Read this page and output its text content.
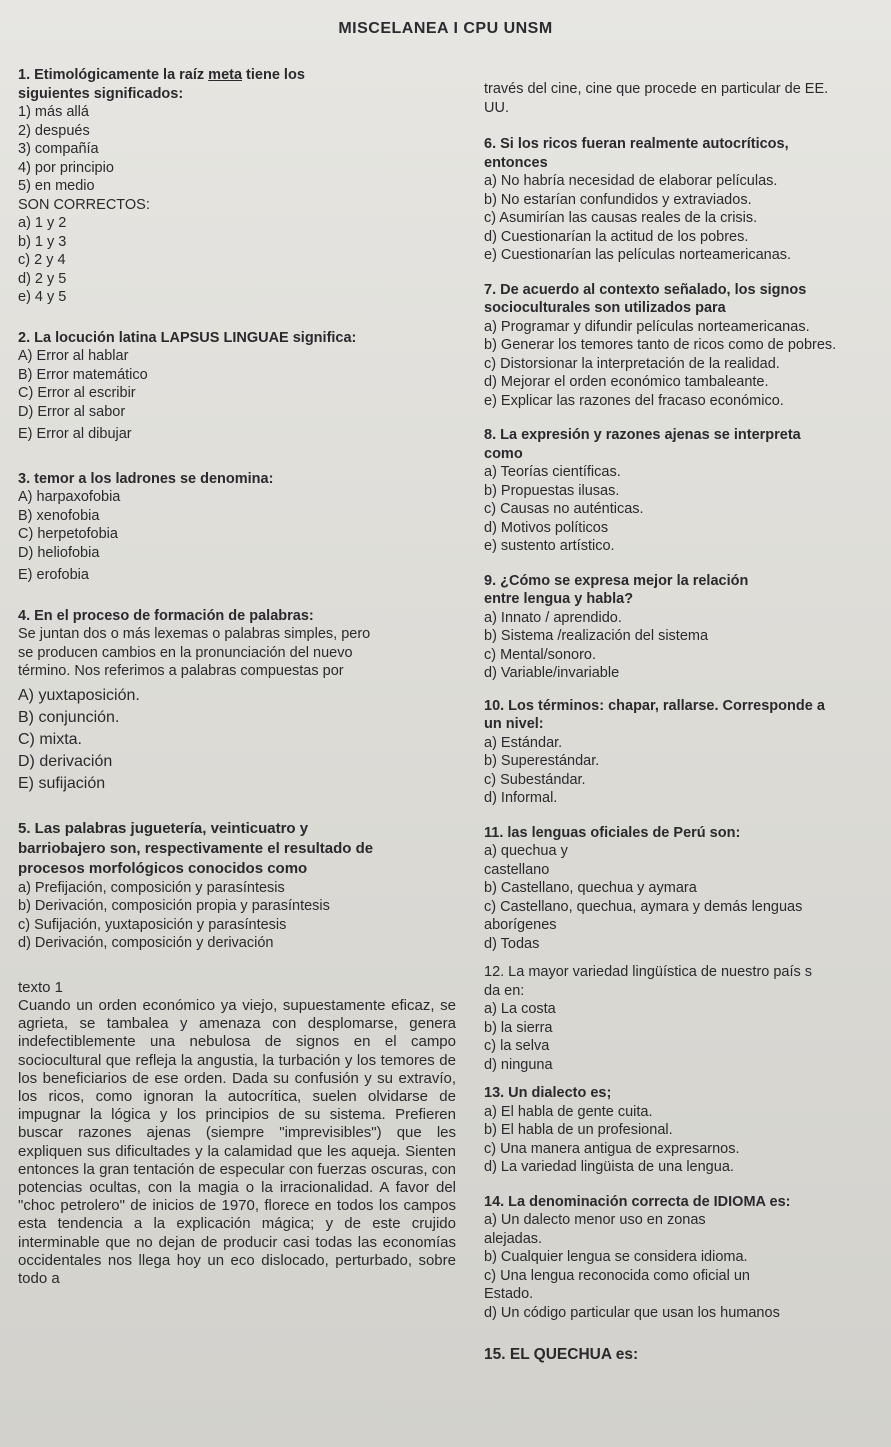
MISCELANEA I CPU UNSM
1. Etimológicamente la raíz meta tiene los
siguientes significados:
1) más allá
2) después
3) compañía
4) por principio
5) en medio
SON CORRECTOS:
a) 1 y 2
b) 1 y 3
c) 2 y 4
d) 2 y 5
e) 4 y 5
2. La locución latina LAPSUS LINGUAE significa:
A) Error al hablar
B) Error matemático
C) Error al escribir
D) Error al sabor
E) Error al dibujar
3. temor a los ladrones se denomina:
A) harpaxofobia
B) xenofobia
C) herpetofobia
D) heliofobia
E) erofobia
4. En el proceso de formación de palabras:
Se juntan dos o más lexemas o palabras simples, pero
se producen cambios en la pronunciación del nuevo
término. Nos referimos a palabras compuestas por
A) yuxtaposición.
B) conjunción.
C) mixta.
D) derivación
E) sufijación
5. Las palabras juguetería, veinticuatro y
barriobajero son, respectivamente el resultado de
procesos morfológicos conocidos como
a) Prefijación, composición y parasíntesis
b) Derivación, composición propia y parasíntesis
c) Sufijación, yuxtaposición y parasíntesis
d) Derivación, composición y derivación
texto 1
Cuando un orden económico ya viejo, supuestamente eficaz, se agrieta, se tambalea y amenaza con desplomarse, genera indefectiblemente una nebulosa de signos en el campo sociocultural que refleja la angustia, la turbación y los temores de los beneficiarios de ese orden. Dada su confusión y su extravío, los ricos, como ignoran la autocrítica, suelen olvidarse de impugnar la lógica y los principios de su sistema. Prefieren buscar razones ajenas (siempre "imprevisibles") que les expliquen sus dificultades y la calamidad que les aqueja. Sienten entonces la gran tentación de especular con fuerzas oscuras, con potencias ocultas, con la magia o la irracionalidad. A favor del "choc petrolero" de inicios de 1970, florece en todos los campos esta tendencia a la explicación mágica; y de este crujido interminable que no dejan de producir casi todas las economías occidentales nos llega hoy un eco dislocado, perturbado, sobre todo a
través del cine, cine que procede en particular de EE.
UU.
6. Si los ricos fueran realmente autocríticos,
entonces
a) No habría necesidad de elaborar películas.
b) No estarían confundidos y extraviados.
c) Asumirían las causas reales de la crisis.
d) Cuestionarían la actitud de los pobres.
e) Cuestionarían las películas norteamericanas.
7. De acuerdo al contexto señalado, los signos
socioculturales son utilizados para
a) Programar y difundir películas norteamericanas.
b) Generar los temores tanto de ricos como de pobres.
c) Distorsionar la interpretación de la realidad.
d) Mejorar el orden económico tambaleante.
e) Explicar las razones del fracaso económico.
8. La expresión y razones ajenas se interpreta
como
a) Teorías científicas.
b) Propuestas ilusas.
c) Causas no auténticas.
d) Motivos políticos
e) sustento artístico.
9. ¿Cómo se expresa mejor la relación
entre lengua y habla?
a) Innato / aprendido.
b) Sistema /realización del sistema
c) Mental/sonoro.
d) Variable/invariable
10. Los términos: chapar, rallarse. Corresponde a
un nivel:
a) Estándar.
b) Superestándar.
c) Subestándar.
d) Informal.
11. las lenguas oficiales de Perú son:
a) quechua y
castellano
b) Castellano, quechua y aymara
c) Castellano, quechua, aymara y demás lenguas
aborígenes
d) Todas
12. La mayor variedad lingüística de nuestro país s
da en:
a) La costa
b) la sierra
c) la selva
d) ninguna
13. Un dialecto es;
a) El habla de gente cuita.
b) El habla de un profesional.
c) Una manera antigua de expresarnos.
d) La variedad lingüista de una lengua.
14. La denominación correcta de IDIOMA es:
a) Un dalecto menor uso en zonas
alejadas.
b) Cualquier lengua se considera idioma.
c) Una lengua reconocida como oficial un
Estado.
d) Un código particular que usan los humanos
15. EL QUECHUA es:
